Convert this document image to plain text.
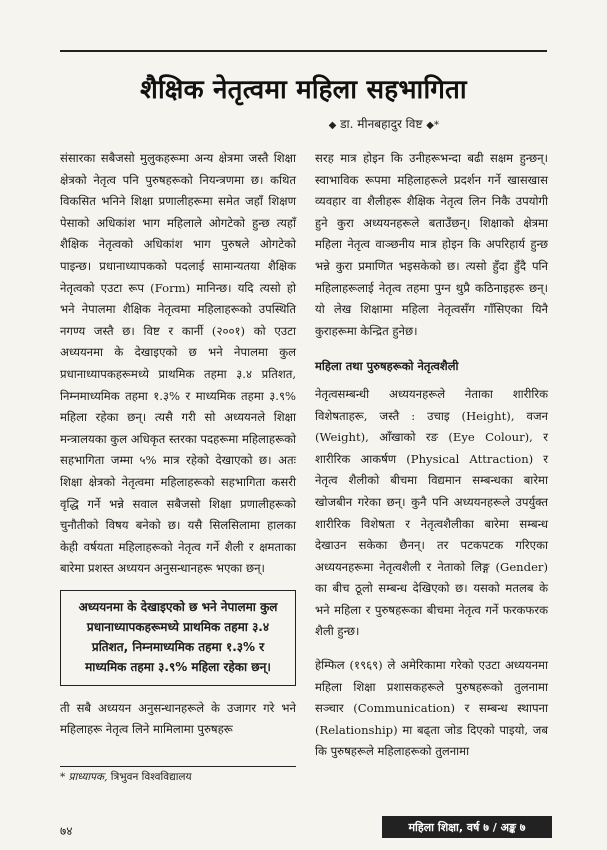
शैक्षिक नेतृत्वमा महिला सहभागिता
◆ डा. मीनबहादुर विष्ट ◆*

संसारका सबैजसो मुलुकहरूमा अन्य क्षेत्रमा जस्तै शिक्षा क्षेत्रको नेतृत्व पनि पुरुषहरूको नियन्त्रणमा छ। कथित विकसित भनिने शिक्षा प्रणालीहरूमा समेत जहाँ शिक्षण पेसाको अधिकांश भाग महिलाले ओगटेको हुन्छ त्यहाँ शैक्षिक नेतृत्वको अधिकांश भाग पुरुषले ओगटेको पाइन्छ। प्रधानाध्यापकको पदलाई सामान्यतया शैक्षिक नेतृत्वको एउटा रूप (Form) मानिन्छ। यदि त्यसो हो भने नेपालमा शैक्षिक नेतृत्वमा महिलाहरूको उपस्थिति नगण्य जस्तै छ। विष्ट र कार्नी (२००१) को एउटा अध्ययनमा के देखाइएको छ भने नेपालमा कुल प्रधानाध्यापकहरूमध्ये प्राथमिक तहमा ३.४ प्रतिशत, निम्नमाध्यमिक तहमा १.३% र माध्यमिक तहमा ३.९% महिला रहेका छन्। त्यसै गरी सो अध्ययनले शिक्षा मन्त्रालयका कुल अधिकृत स्तरका पदहरूमा महिलाहरूको सहभागिता जम्मा ५% मात्र रहेको देखाएको छ। अतः शिक्षा क्षेत्रको नेतृत्वमा महिलाहरूको सहभागिता कसरी वृद्धि गर्ने भन्ने सवाल सबैजसो शिक्षा प्रणालीहरूको चुनौतीको विषय बनेको छ। यसै सिलसिलामा हालका केही वर्षयता महिलाहरूको नेतृत्व गर्ने शैली र क्षमताका बारेमा प्रशस्त अध्ययन अनुसन्धानहरू भएका छन्।

अध्ययनमा के देखाइएको छ भने नेपालमा कुल प्रधानाध्यापकहरूमध्ये प्राथमिक तहमा ३.४ प्रतिशत, निम्नमाध्यमिक तहमा १.३% र माध्यमिक तहमा ३.९% महिला रहेका छन्।

ती सबै अध्ययन अनुसन्धानहरूले के उजागर गरे भने महिलाहरू नेतृत्व लिने मामिलामा पुरुषहरू

सरह मात्र होइन कि उनीहरूभन्दा बढी सक्षम हुन्छन्। स्वाभाविक रूपमा महिलाहरूले प्रदर्शन गर्ने खासखास व्यवहार वा शैलीहरू शैक्षिक नेतृत्व लिन निकै उपयोगी हुने कुरा अध्ययनहरूले बताउँछन्। शिक्षाको क्षेत्रमा महिला नेतृत्व वाञ्छनीय मात्र होइन कि अपरिहार्य हुन्छ भन्ने कुरा प्रमाणित भइसकेको छ। त्यसो हुँदा हुँदै पनि महिलाहरूलाई नेतृत्व तहमा पुग्न थुप्रै कठिनाइहरू छन्। यो लेख शिक्षामा महिला नेतृत्वसँग गाँसिएका यिनै कुराहरूमा केन्द्रित हुनेछ।

महिला तथा पुरुषहरूको नेतृत्वशैली

नेतृत्वसम्बन्धी अध्ययनहरूले नेताका शारीरिक विशेषताहरू, जस्तै : उचाइ (Height), वजन (Weight), आँखाको रङ (Eye Colour), र शारीरिक आकर्षण (Physical Attraction) र नेतृत्व शैलीको बीचमा विद्यमान सम्बन्धका बारेमा खोजबीन गरेका छन्। कुनै पनि अध्ययनहरूले उपर्युक्त शारीरिक विशेषता र नेतृत्वशैलीका बारेमा सम्बन्ध देखाउन सकेका छैनन्। तर पटकपटक गरिएका अध्ययनहरूमा नेतृत्वशैली र नेताको लिङ्ग (Gender) का बीच ठूलो सम्बन्ध देखिएको छ। यसको मतलब के भने महिला र पुरुषहरूका बीचमा नेतृत्व गर्ने फरकफरक शैली हुन्छ।

हेम्फिल (१९६९) ले अमेरिकामा गरेको एउटा अध्ययनमा महिला शिक्षा प्रशासकहरूले पुरुषहरूको तुलनामा सञ्चार (Communication) र सम्बन्ध स्थापना (Relationship) मा बढ्ता जोड दिएको पाइयो, जब कि पुरुषहरूले महिलाहरूको तुलनामा

* प्राध्यापक, त्रिभुवन विश्वविद्यालय
७४	महिला शिक्षा, वर्ष ७ / अङ्क ७
